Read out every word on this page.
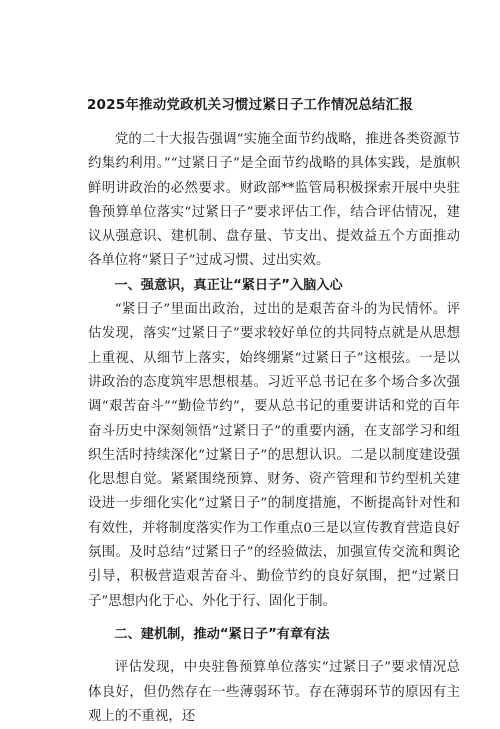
2025年推动党政机关习惯过紧日子工作情况总结汇报

党的二十大报告强调“实施全面节约战略，推进各类资源节约集约利用。”“过紧日子”是全面节约战略的具体实践，是旗帜鲜明讲政治的必然要求。财政部**监管局积极探索开展中央驻鲁预算单位落实“过紧日子”要求评估工作，结合评估情况，建议从强意识、建机制、盘存量、节支出、提效益五个方面推动各单位将“紧日子”过成习惯、过出实效。

一、强意识，真正让“紧日子”入脑入心

“紧日子”里面出政治，过出的是艰苦奋斗的为民情怀。评估发现，落实“过紧日子”要求较好单位的共同特点就是从思想上重视、从细节上落实，始终绷紧“过紧日子”这根弦。一是以讲政治的态度筑牢思想根基。习近平总书记在多个场合多次强调“艰苦奋斗”“勤俭节约”，要从总书记的重要讲话和党的百年奋斗历史中深刻领悟“过紧日子”的重要内涵，在支部学习和组织生活时持续深化“过紧日子”的思想认识。二是以制度建设强化思想自觉。紧紧围绕预算、财务、资产管理和节约型机关建设进一步细化实化“过紧日子”的制度措施，不断提高针对性和有效性，并将制度落实作为工作重点0三是以宣传教育营造良好氛围。及时总结“过紧日子”的经验做法，加强宣传交流和舆论引导，积极营造艰苦奋斗、勤俭节约的良好氛围，把“过紧日子”思想内化于心、外化于行、固化于制。

二、建机制，推动“紧日子”有章有法

评估发现，中央驻鲁预算单位落实“过紧日子”要求情况总体良好，但仍然存在一些薄弱环节。存在薄弱环节的原因有主观上的不重视，还
